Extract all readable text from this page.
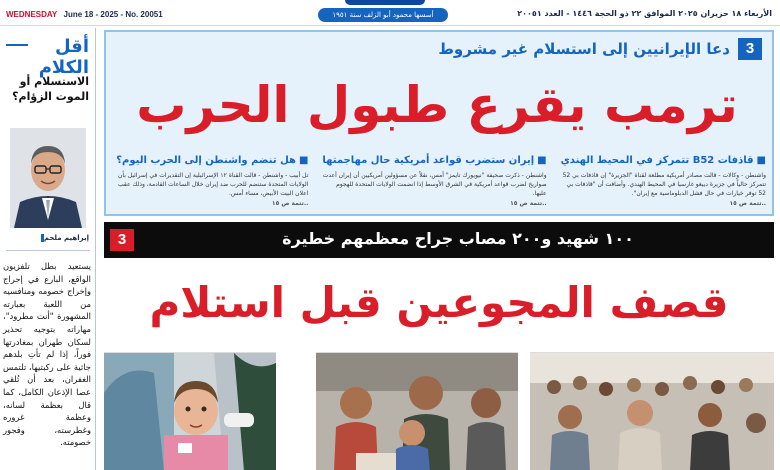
WEDNESDAY June 18 - 2025 - No. 20051	أسسها محمود أبو الزلف سنة ١٩٥١	الأربعاء ١٨ حزيران ٢٠٢٥ الموافق ٢٢ ذو الحجة ١٤٤٦ - العدد ٢٠٠٥١
أقل الكلام
الاستسلام أو الموت الزؤام؟
إبراهيم ملحم
يستعيد بطل تلفزيون الواقع، البارع في إحراج وإخراج خصومه ومنافسيه من اللعبة بعبارته المشهورة "أنت مطرود"، مهاراته بتوجيه تحذير لسكان طهران بمغادرتها فوراً، إذا لم تأتِ بلدهم جاثية على ركبتيها، تلتمس الغفران، بعد أن تُلقي عصا الإذعان الكامل، كما قال بعظمة لسانه، وعظمة غروره وغطرسته، وفجور خصومته.
3
دعا الإيرانيين إلى استسلام غير مشروط
ترمب يقرع طبول الحرب
■قاذفات B52 تتمركز في المحيط الهندي
واشنطن - وكالات - قالت مصادر أمريكية مطلعة لقناة "الجزيرة" إن قاذفات بي 52 تتمركز حالياً في جزيرة دييغو غارسيا في المحيط الهندي. وأضافت أن "قاذفات بي 52 توفر خيارات في حال فشل الدبلوماسية مع إيران".
..تتمة ص ١٥
■إيران ستضرب قواعد أمريكية حال مهاجمتها
واشنطن - ذكرت صحيفة "نيويورك تايمز" أمس، نقلاً عن مسؤولين أمريكيين أن إيران أعدت صواريخ لضرب قواعد أمريكية في الشرق الأوسط إذا انضمت الولايات المتحدة للهجوم عليها.
..تتمة ص ١٥
■هل تنضم واشنطن إلى الحرب اليوم؟
تل أبيب - واشنطن - قالت القناة ١٢ الإسرائيلية إن التقديرات في إسرائيل بأن الولايات المتحدة ستنضم للحرب ضد إيران خلال الساعات القادمة، وذلك عقب اعلان البيت الأبيض، مساء أمس.
..تتمة ص ١٥
3	١٠٠ شهيد و٢٠٠ مصاب جراح معظمهم خطيرة
قصف المجوعين قبل استلام
